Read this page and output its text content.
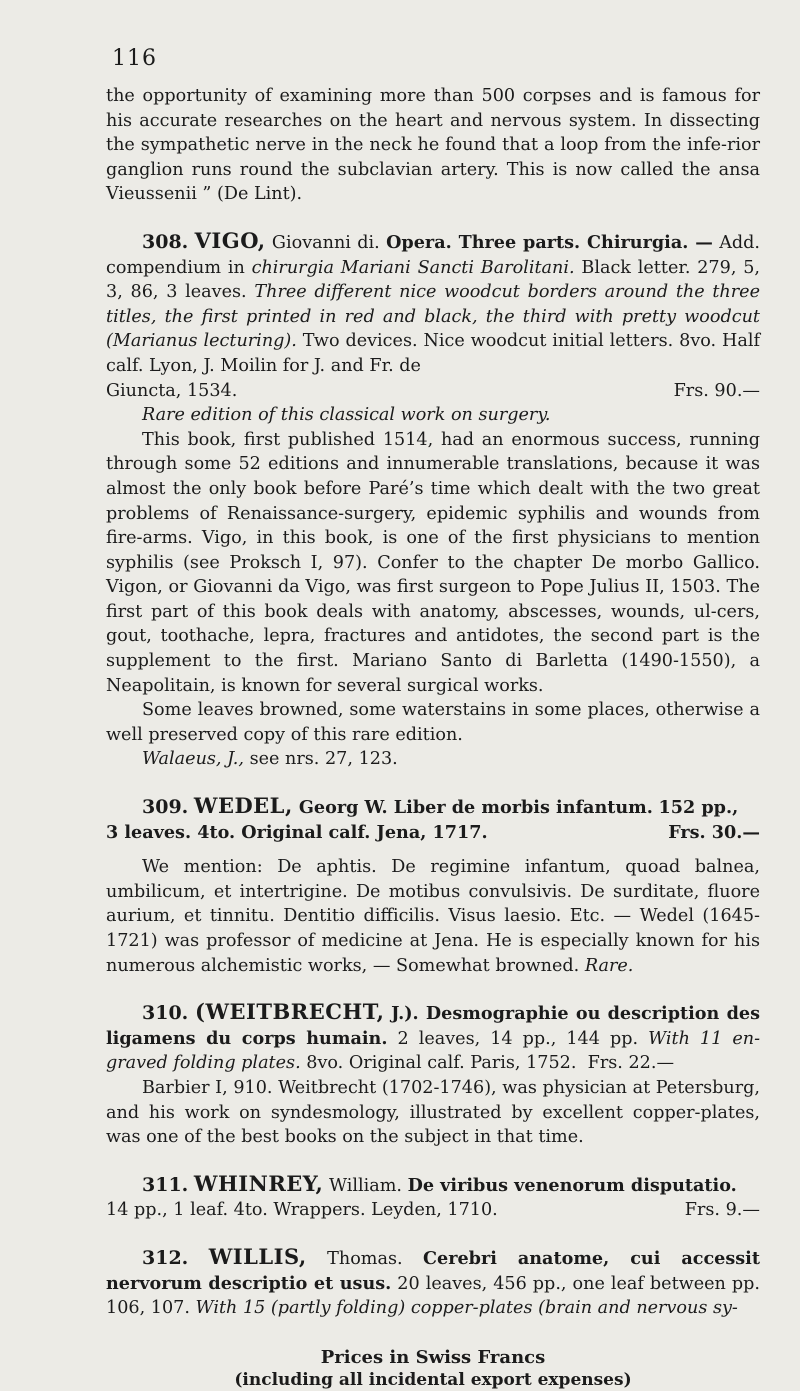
116

the opportunity of examining more than 500 corpses and is famous for his accurate researches on the heart and nervous system. In dissecting the sympathetic nerve in the neck he found that a loop from the infe-rior ganglion runs round the subclavian artery. This is now called the ansa Vieussenii ” (De Lint).

308. VIGO, Giovanni di. Opera. Three parts. Chirurgia. — Add. compendium in chirurgia Mariani Sancti Barolitani. Black letter. 279, 5, 3, 86, 3 leaves. Three different nice woodcut borders around the three titles, the first printed in red and black, the third with pretty woodcut (Marianus lecturing). Two devices. Nice woodcut initial letters. 8vo. Half calf. Lyon, J. Moilin for J. and Fr. de

Giuncta, 1534.	Frs. 90.—

Rare edition of this classical work on surgery.

This book, first published 1514, had an enormous success, running through some 52 editions and innumerable translations, because it was almost the only book before Paré’s time which dealt with the two great problems of Renaissance-surgery, epidemic syphilis and wounds from fire-arms. Vigo, in this book, is one of the first physicians to mention syphilis (see Proksch I, 97). Confer to the chapter De morbo Gallico. Vigon, or Giovanni da Vigo, was first surgeon to Pope Julius II, 1503. The first part of this book deals with anatomy, abscesses, wounds, ul-cers, gout, toothache, lepra, fractures and antidotes, the second part is the supplement to the first. Mariano Santo di Barletta (1490-1550), a Neapolitain, is known for several surgical works.

Some leaves browned, some waterstains in some places, otherwise a well preserved copy of this rare edition.

Walaeus, J., see nrs. 27, 123.

309. WEDEL, Georg W. Liber de morbis infantum. 152 pp.,

3 leaves. 4to. Original calf. Jena, 1717.	Frs. 30.—

We mention: De aphtis. De regimine infantum, quoad balnea, umbilicum, et intertrigine. De motibus convulsivis. De surditate, fluore aurium, et tinnitu. Dentitio difficilis. Visus laesio. Etc. — Wedel (1645-1721) was professor of medicine at Jena. He is especially known for his numerous alchemistic works, — Somewhat browned. Rare.

310. (WEITBRECHT, J.). Desmographie ou description des ligamens du corps humain. 2 leaves, 14 pp., 144 pp. With 11 en-graved folding plates. 8vo. Original calf. Paris, 1752. Frs. 22.—

Barbier I, 910. Weitbrecht (1702-1746), was physician at Petersburg, and his work on syndesmology, illustrated by excellent copper-plates, was one of the best books on the subject in that time.

311. WHINREY, William. De viribus venenorum disputatio.

14 pp., 1 leaf. 4to. Wrappers. Leyden, 1710.	Frs. 9.—

312. WILLIS, Thomas. Cerebri anatome, cui accessit nervorum descriptio et usus. 20 leaves, 456 pp., one leaf between pp. 106, 107. With 15 (partly folding) copper-plates (brain and nervous sy-

Prices in Swiss Francs
(including all incidental export expenses)
